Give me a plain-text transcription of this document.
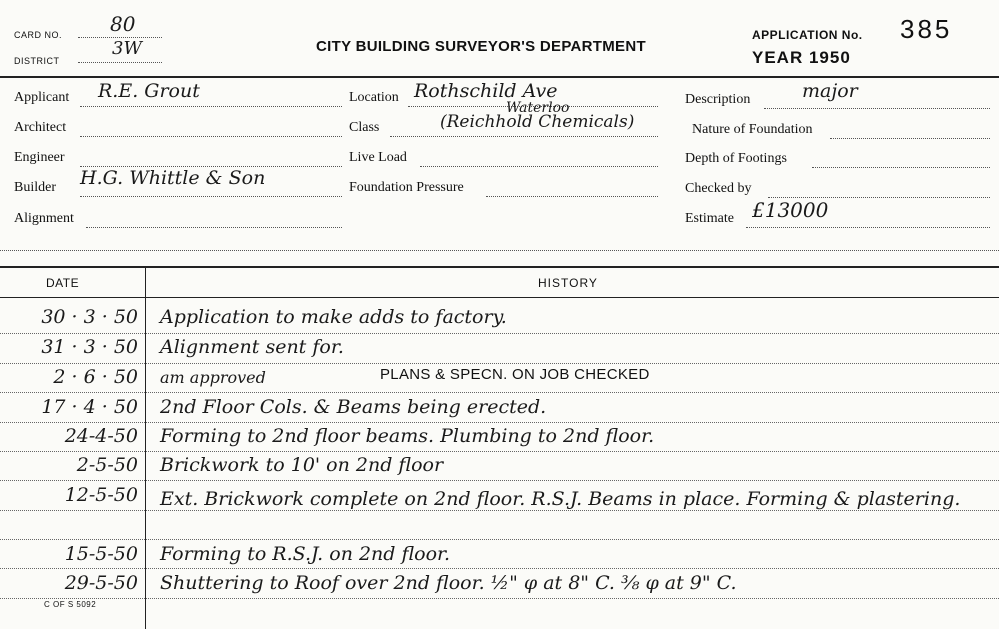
CARD NO. 80
DISTRICT
3W	CITY BUILDING SURVEYOR'S DEPARTMENT
APPLICATION No. 385
YEAR 1950
Applicant R.E. Grout
Architect
Engineer
Builder H.G. Whittle & Son
Alignment
Location Rothschild Ave
Waterloo
Class	(Reichhold Chemicals)
Live Load
Foundation Pressure
Description	major
Nature of Foundation
Depth of Footings
Checked by
Estimate £13000
DATE	HISTORY
30 · 3 · 50 Application to make adds to factory.
31 · 3 · 50 Alignment sent for.
2 · 6 · 50 am approved	PLANS & SPECN. ON JOB CHECKED
17 · 4 · 50 2nd Floor Cols. & Beams being erected.
24-4-50 Forming to 2nd floor beams. Plumbing to 2nd floor.
2-5-50 Brickwork to 10' on 2nd floor
12-5-50 Ext. Brickwork complete on 2nd floor. R.S.J. Beams in place. Forming & plastering.
15-5-50 Forming to R.S.J. on 2nd floor.
29-5-50 Shuttering to Roof over 2nd floor. ½" φ at 8" C. ⅜ φ at 9" C.
C OF S 5092
